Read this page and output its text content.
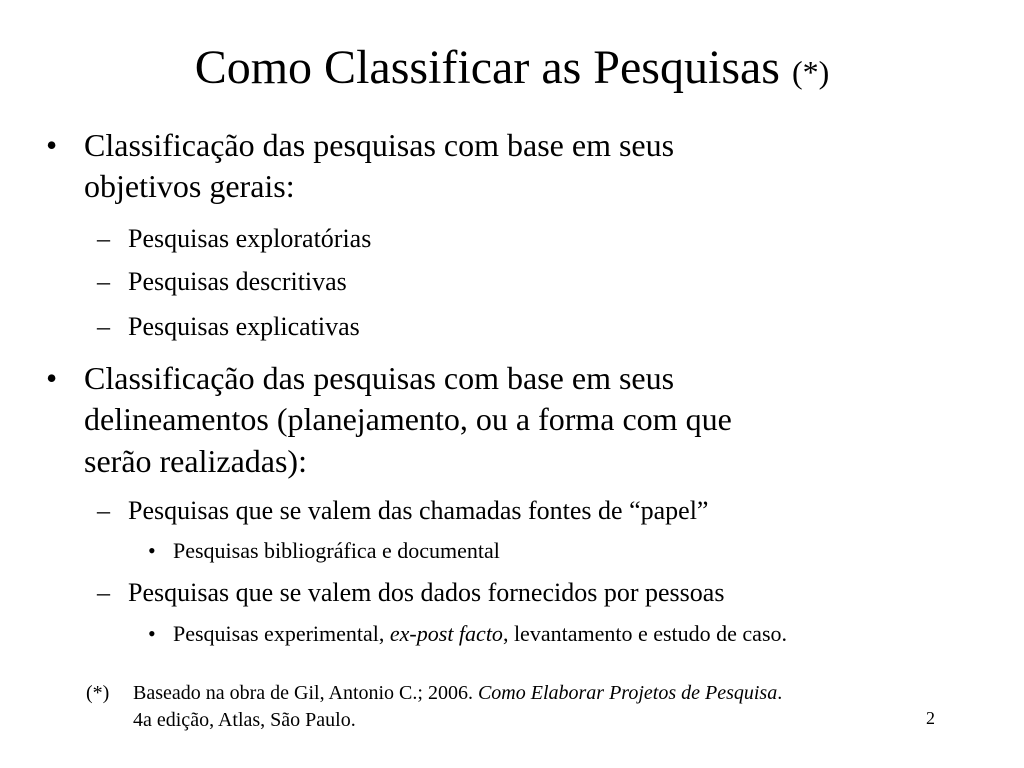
Como Classificar as Pesquisas (*)
• Classificação das pesquisas com base em seus
objetivos gerais:
– Pesquisas exploratórias
– Pesquisas descritivas
– Pesquisas explicativas
• Classificação das pesquisas com base em seus
delineamentos (planejamento, ou a forma com que
serão realizadas):
– Pesquisas que se valem das chamadas fontes de “papel”
• Pesquisas bibliográfica e documental
– Pesquisas que se valem dos dados fornecidos por pessoas
• Pesquisas experimental, ex-post facto, levantamento e estudo de caso.
(*) Baseado na obra de Gil, Antonio C.; 2006. Como Elaborar Projetos de Pesquisa.
4a edição, Atlas, São Paulo.	2
